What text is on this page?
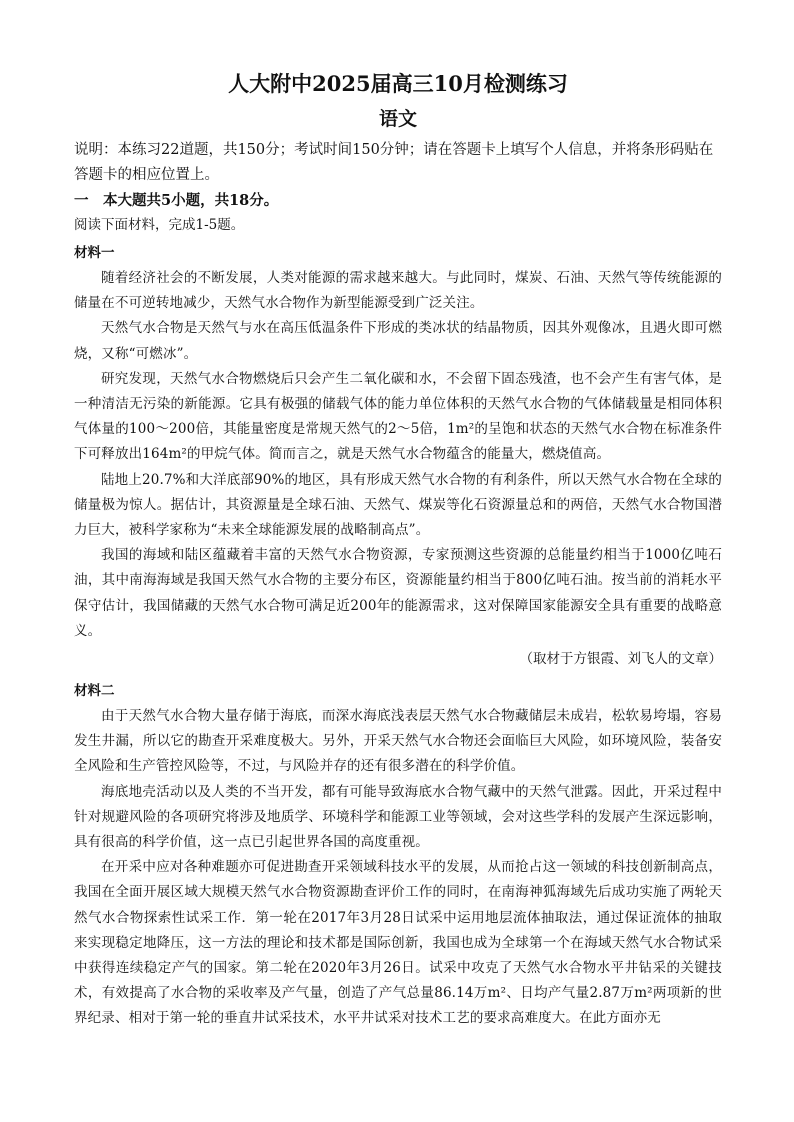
人大附中2025届高三10月检测练习
语文

说明：本练习22道题，共150分；考试时间150分钟；请在答题卡上填写个人信息，并将条形码贴在答题卡的相应位置上。

一　本大题共5小题，共18分。

阅读下面材料，完成1-5题。

材料一

随着经济社会的不断发展，人类对能源的需求越来越大。与此同时，煤炭、石油、天然气等传统能源的储量在不可逆转地减少，天然气水合物作为新型能源受到广泛关注。

天然气水合物是天然气与水在高压低温条件下形成的类冰状的结晶物质，因其外观像冰，且遇火即可燃烧，又称“可燃冰”。

研究发现，天然气水合物燃烧后只会产生二氧化碳和水，不会留下固态残渣，也不会产生有害气体，是一种清洁无污染的新能源。它具有极强的储载气体的能力单位体积的天然气水合物的气体储载量是相同体积气体量的100～200倍，其能量密度是常规天然气的2～5倍，1m²的呈饱和状态的天然气水合物在标准条件下可释放出164m²的甲烷气体。简而言之，就是天然气水合物蕴含的能量大，燃烧值高。

陆地上20.7%和大洋底部90%的地区，具有形成天然气水合物的有利条件，所以天然气水合物在全球的储量极为惊人。据估计，其资源量是全球石油、天然气、煤炭等化石资源量总和的两倍，天然气水合物国潜力巨大，被科学家称为“未来全球能源发展的战略制高点”。

我国的海域和陆区蕴藏着丰富的天然气水合物资源，专家预测这些资源的总能量约相当于1000亿吨石油，其中南海海域是我国天然气水合物的主要分布区，资源能量约相当于800亿吨石油。按当前的消耗水平保守估计，我国储藏的天然气水合物可满足近200年的能源需求，这对保障国家能源安全具有重要的战略意义。

（取材于方银霞、刘飞人的文章）

材料二

由于天然气水合物大量存储于海底，而深水海底浅表层天然气水合物藏储层未成岩，松软易垮塌，容易发生井漏，所以它的勘查开采难度极大。另外，开采天然气水合物还会面临巨大风险，如环境风险，装备安全风险和生产管控风险等，不过，与风险并存的还有很多潜在的科学价值。

海底地壳活动以及人类的不当开发，都有可能导致海底水合物气藏中的天然气泄露。因此，开采过程中针对规避风险的各项研究将涉及地质学、环境科学和能源工业等领域，会对这些学科的发展产生深远影响，具有很高的科学价值，这一点已引起世界各国的高度重视。

在开采中应对各种难题亦可促进勘查开采领域科技水平的发展，从而抢占这一领域的科技创新制高点，我国在全面开展区域大规模天然气水合物资源勘查评价工作的同时，在南海神狐海域先后成功实施了两轮天然气水合物探索性试采工作．第一轮在2017年3月28日试采中运用地层流体抽取法，通过保证流体的抽取来实现稳定地降压，这一方法的理论和技术都是国际创新，我国也成为全球第一个在海域天然气水合物试采中获得连续稳定产气的国家。第二轮在2020年3月26日。试采中攻克了天然气水合物水平井钻采的关键技术，有效提高了水合物的采收率及产气量，创造了产气总量86.14万m²、日均产气量2.87万m²两项新的世界纪录、相对于第一轮的垂直井试采技术，水平井试采对技术工艺的要求高难度大。在此方面亦无
